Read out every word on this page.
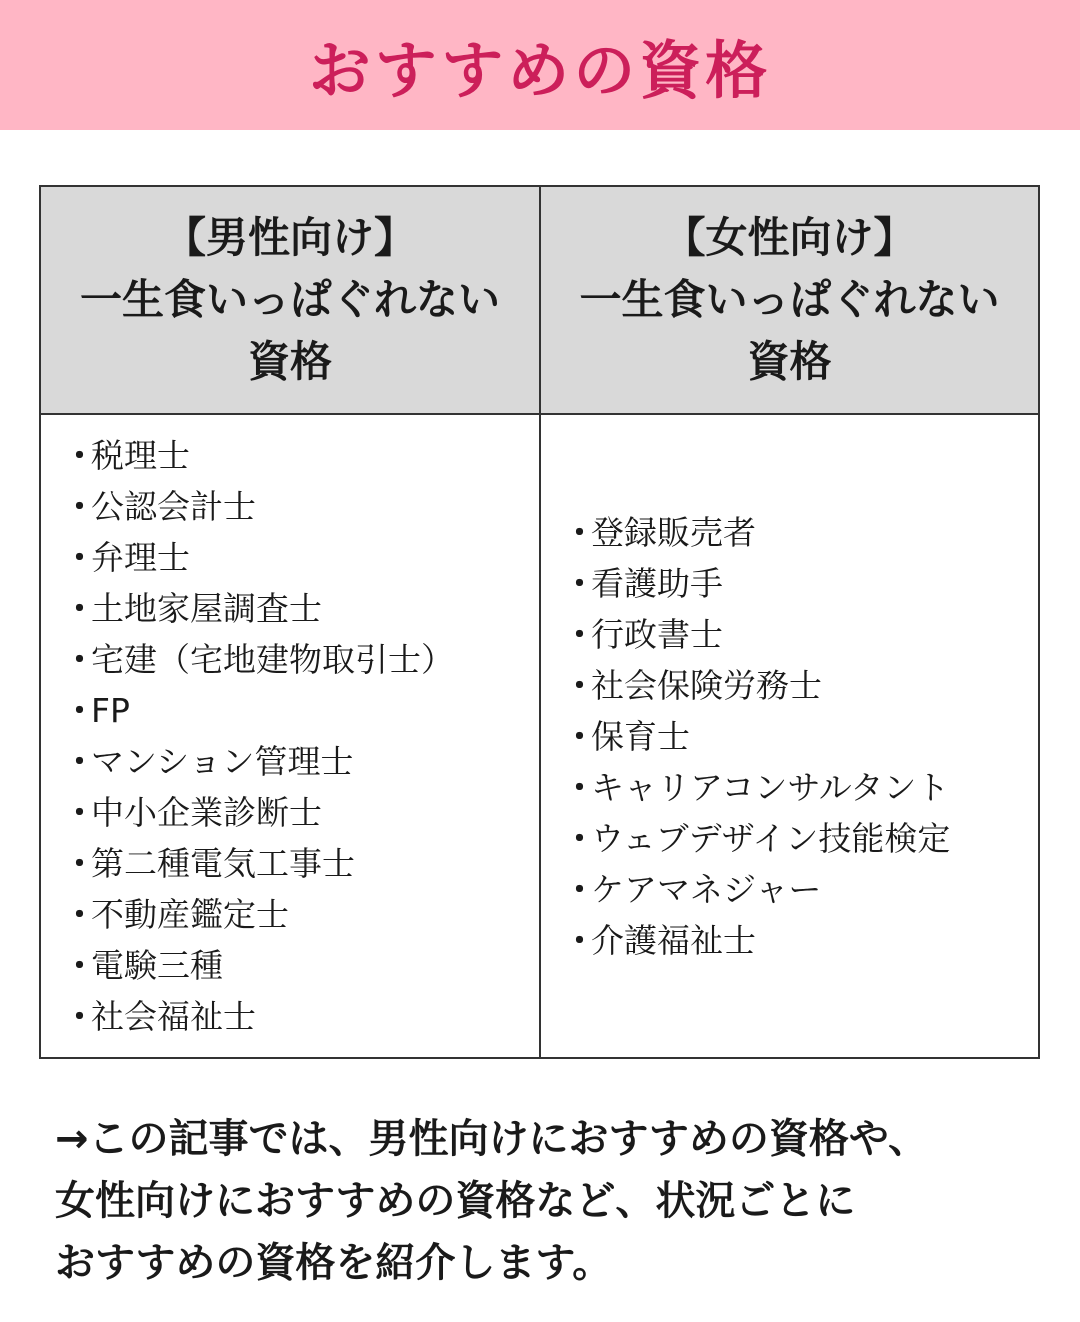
おすすめの資格
【男性向け】
一生食いっぱぐれない
資格
【女性向け】
一生食いっぱぐれない
資格
・
税理士
・
公認会計士
・
弁理士
・
土地家屋調査士
・
宅建（宅地建物取引士）
・
FP
・
マンション管理士
・
中小企業診断士
・
第二種電気工事士
・
不動産鑑定士
・
電験三種
・
社会福祉士
・
登録販売者
・
看護助手
・
行政書士
・
社会保険労務士
・
保育士
・
キャリアコンサルタント
・
ウェブデザイン技能検定
・
ケアマネジャー
・
介護福祉士
→この記事では、男性向けにおすすめの資格や、
女性向けにおすすめの資格など、状況ごとに
おすすめの資格を紹介します。
